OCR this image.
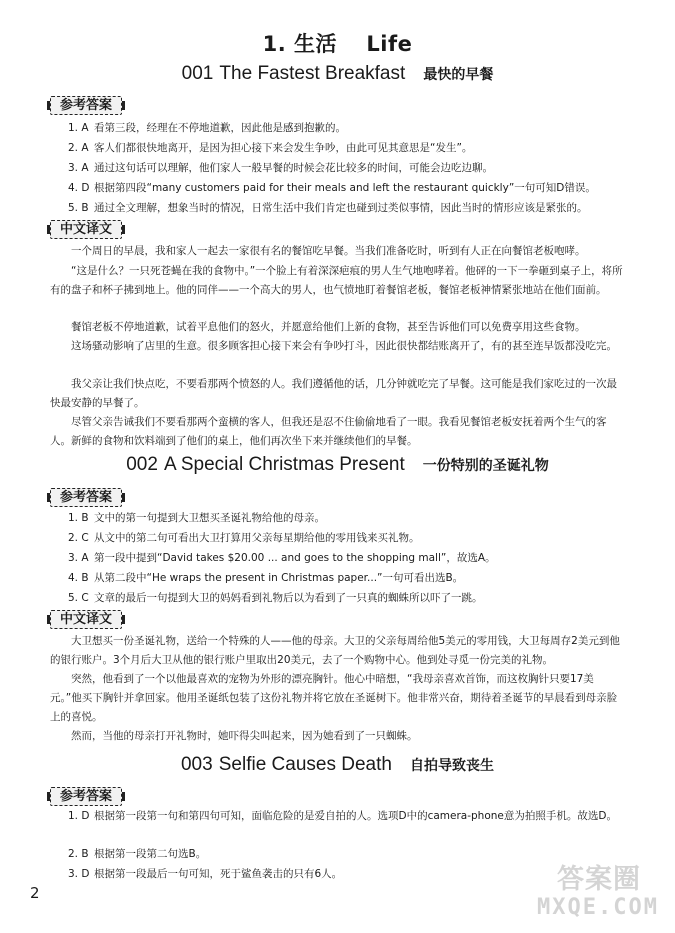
1. 生活　 Life
001 The Fastest Breakfast 最快的早餐
参考答案
1. A 看第三段，经理在不停地道歉，因此他是感到抱歉的。
2. A 客人们都很快地离开，是因为担心接下来会发生争吵，由此可见其意思是“发生”。
3. A 通过这句话可以理解，他们家人一般早餐的时候会花比较多的时间，可能会边吃边聊。
4. D 根据第四段“many customers paid for their meals and left the restaurant quickly”一句可知D错误。
5. B 通过全文理解，想象当时的情况，日常生活中我们肯定也碰到过类似事情，因此当时的情形应该是紧张的。
中文译文
一个周日的早晨，我和家人一起去一家很有名的餐馆吃早餐。当我们准备吃时，听到有人正在向餐馆老板咆哮。
“这是什么？一只死苍蝇在我的食物中。”一个脸上有着深深疤痕的男人生气地咆哮着。他砰的一下一拳砸到桌子上，将所有的盘子和杯子拂到地上。他的同伴——一个高大的男人，也气愤地盯着餐馆老板，餐馆老板神情紧张地站在他们面前。
餐馆老板不停地道歉，试着平息他们的怒火，并愿意给他们上新的食物，甚至告诉他们可以免费享用这些食物。
这场骚动影响了店里的生意。很多顾客担心接下来会有争吵打斗，因此很快都结账离开了，有的甚至连早饭都没吃完。
我父亲让我们快点吃，不要看那两个愤怒的人。我们遵循他的话，几分钟就吃完了早餐。这可能是我们家吃过的一次最快最安静的早餐了。
尽管父亲告诫我们不要看那两个蛮横的客人，但我还是忍不住偷偷地看了一眼。我看见餐馆老板安抚着两个生气的客人。新鲜的食物和饮料端到了他们的桌上，他们再次坐下来并继续他们的早餐。
002 A Special Christmas Present 一份特别的圣诞礼物
参考答案
1. B 文中的第一句提到大卫想买圣诞礼物给他的母亲。
2. C 从文中的第二句可看出大卫打算用父亲每星期给他的零用钱来买礼物。
3. A 第一段中提到“David takes $20.00 ... and goes to the shopping mall”，故选A。
4. B 从第二段中“He wraps the present in Christmas paper...”一句可看出选B。
5. C 文章的最后一句提到大卫的妈妈看到礼物后以为看到了一只真的蜘蛛所以吓了一跳。
中文译文
大卫想买一份圣诞礼物，送给一个特殊的人——他的母亲。大卫的父亲每周给他5美元的零用钱，大卫每周存2美元到他的银行账户。3个月后大卫从他的银行账户里取出20美元，去了一个购物中心。他到处寻觅一份完美的礼物。
突然，他看到了一个以他最喜欢的宠物为外形的漂亮胸针。他心中暗想，“我母亲喜欢首饰，而这枚胸针只要17美元。”他买下胸针并拿回家。他用圣诞纸包装了这份礼物并将它放在圣诞树下。他非常兴奋，期待着圣诞节的早晨看到母亲脸上的喜悦。
然而，当他的母亲打开礼物时，她吓得尖叫起来，因为她看到了一只蜘蛛。
003 Selfie Causes Death 自拍导致丧生
参考答案
1. D 根据第一段第一句和第四句可知，面临危险的是爱自拍的人。选项D中的camera-phone意为拍照手机。故选D。
2. B 根据第一段第二句选B。
3. D 根据第一段最后一句可知，死于鲨鱼袭击的只有6人。
2	答案圈
MXQE.COM
